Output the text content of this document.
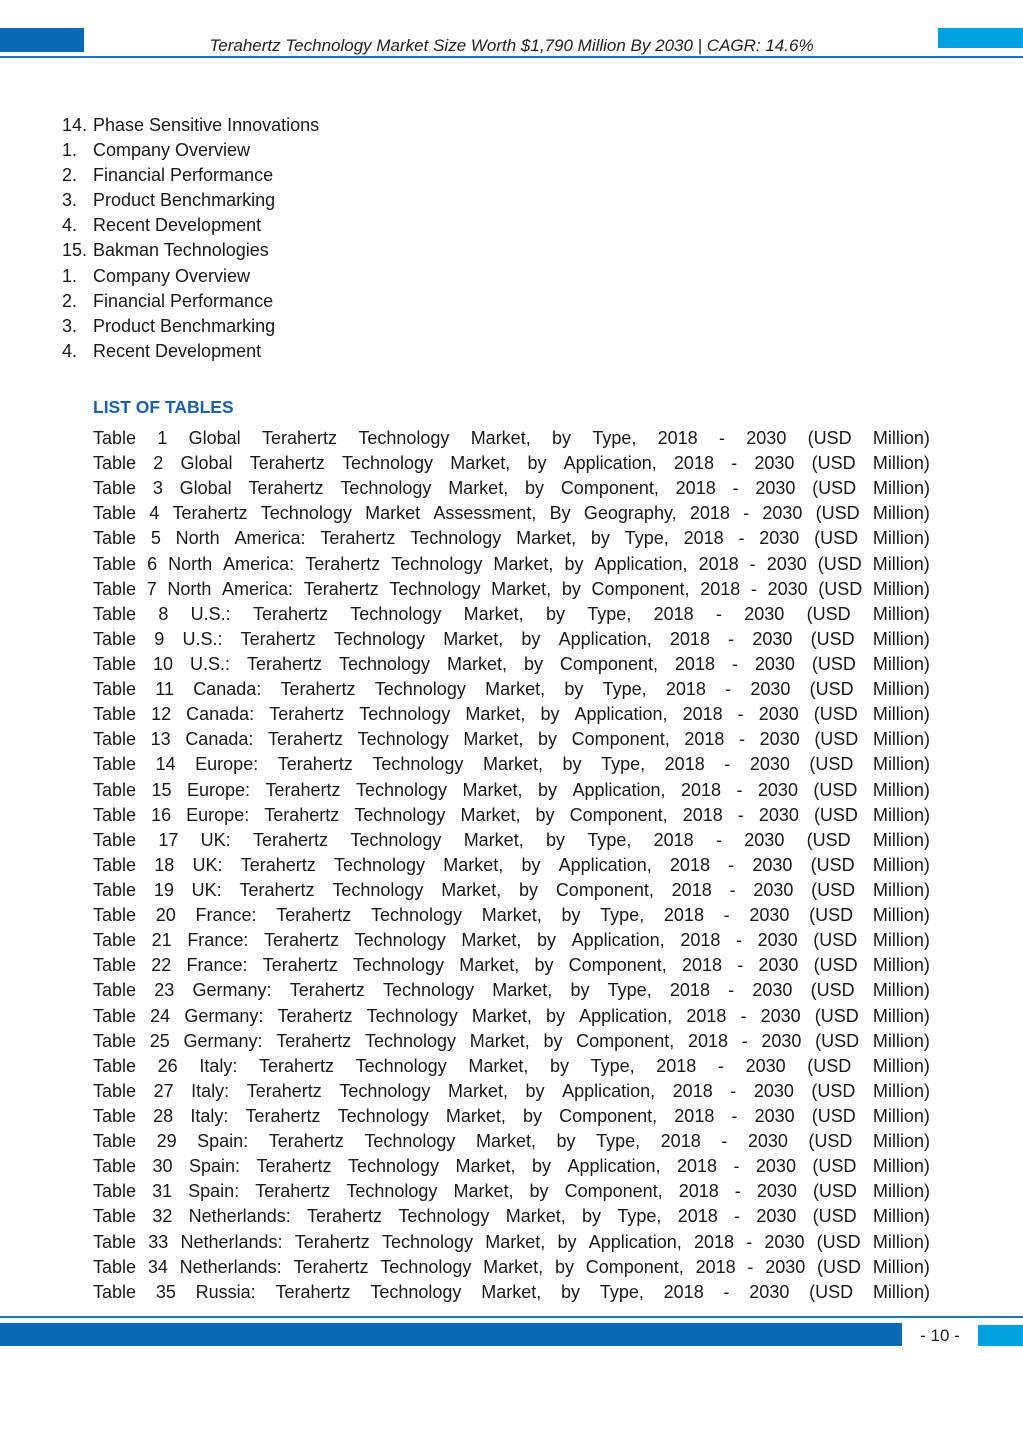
Terahertz Technology Market Size Worth $1,790 Million By 2030 | CAGR: 14.6%
14. Phase Sensitive Innovations
1. Company Overview
2. Financial Performance
3. Product Benchmarking
4. Recent Development
15. Bakman Technologies
1. Company Overview
2. Financial Performance
3. Product Benchmarking
4. Recent Development
LIST OF TABLES
Table 1 Global Terahertz Technology Market, by Type, 2018 - 2030 (USD Million)
Table 2 Global Terahertz Technology Market, by Application, 2018 - 2030 (USD Million)
Table 3 Global Terahertz Technology Market, by Component, 2018 - 2030 (USD Million)
Table 4 Terahertz Technology Market Assessment, By Geography, 2018 - 2030 (USD Million)
Table 5 North America: Terahertz Technology Market, by Type, 2018 - 2030 (USD Million)
Table 6 North America: Terahertz Technology Market, by Application, 2018 - 2030 (USD Million)
Table 7 North America: Terahertz Technology Market, by Component, 2018 - 2030 (USD Million)
Table 8 U.S.: Terahertz Technology Market, by Type, 2018 - 2030 (USD Million)
Table 9 U.S.: Terahertz Technology Market, by Application, 2018 - 2030 (USD Million)
Table 10 U.S.: Terahertz Technology Market, by Component, 2018 - 2030 (USD Million)
Table 11 Canada: Terahertz Technology Market, by Type, 2018 - 2030 (USD Million)
Table 12 Canada: Terahertz Technology Market, by Application, 2018 - 2030 (USD Million)
Table 13 Canada: Terahertz Technology Market, by Component, 2018 - 2030 (USD Million)
Table 14 Europe: Terahertz Technology Market, by Type, 2018 - 2030 (USD Million)
Table 15 Europe: Terahertz Technology Market, by Application, 2018 - 2030 (USD Million)
Table 16 Europe: Terahertz Technology Market, by Component, 2018 - 2030 (USD Million)
Table 17 UK: Terahertz Technology Market, by Type, 2018 - 2030 (USD Million)
Table 18 UK: Terahertz Technology Market, by Application, 2018 - 2030 (USD Million)
Table 19 UK: Terahertz Technology Market, by Component, 2018 - 2030 (USD Million)
Table 20 France: Terahertz Technology Market, by Type, 2018 - 2030 (USD Million)
Table 21 France: Terahertz Technology Market, by Application, 2018 - 2030 (USD Million)
Table 22 France: Terahertz Technology Market, by Component, 2018 - 2030 (USD Million)
Table 23 Germany: Terahertz Technology Market, by Type, 2018 - 2030 (USD Million)
Table 24 Germany: Terahertz Technology Market, by Application, 2018 - 2030 (USD Million)
Table 25 Germany: Terahertz Technology Market, by Component, 2018 - 2030 (USD Million)
Table 26 Italy: Terahertz Technology Market, by Type, 2018 - 2030 (USD Million)
Table 27 Italy: Terahertz Technology Market, by Application, 2018 - 2030 (USD Million)
Table 28 Italy: Terahertz Technology Market, by Component, 2018 - 2030 (USD Million)
Table 29 Spain: Terahertz Technology Market, by Type, 2018 - 2030 (USD Million)
Table 30 Spain: Terahertz Technology Market, by Application, 2018 - 2030 (USD Million)
Table 31 Spain: Terahertz Technology Market, by Component, 2018 - 2030 (USD Million)
Table 32 Netherlands: Terahertz Technology Market, by Type, 2018 - 2030 (USD Million)
Table 33 Netherlands: Terahertz Technology Market, by Application, 2018 - 2030 (USD Million)
Table 34 Netherlands: Terahertz Technology Market, by Component, 2018 - 2030 (USD Million)
Table 35 Russia: Terahertz Technology Market, by Type, 2018 - 2030 (USD Million)
- 10 -
